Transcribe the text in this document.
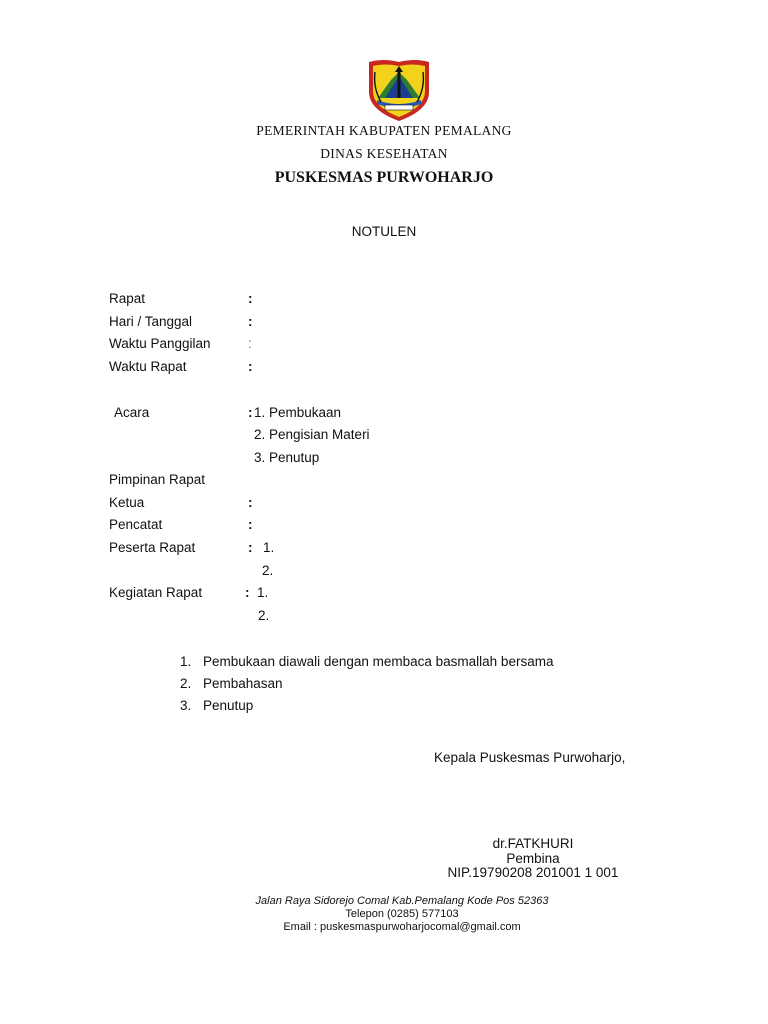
PEMERINTAH KABUPATEN PEMALANG
DINAS KESEHATAN
PUSKESMAS PURWOHARJO
NOTULEN
Rapat	:
Hari / Tanggal	:
Waktu Panggilan	:
Waktu Rapat	:
Acara	: 1. Pembukaan
2. Pengisian Materi
3. Penutup
Pimpinan Rapat
Ketua	:
Pencatat	:
Peserta Rapat	: 1.
2.
Kegiatan Rapat	: 1.
2.
1. Pembukaan diawali dengan membaca basmallah bersama
2. Pembahasan
3. Penutup
Kepala Puskesmas Purwoharjo,
dr.FATKHURI
Pembina
NIP.19790208 201001 1 001
Jalan Raya Sidorejo Comal Kab.Pemalang Kode Pos 52363
Telepon (0285) 577103
Email : puskesmaspurwoharjocomal@gmail.com
